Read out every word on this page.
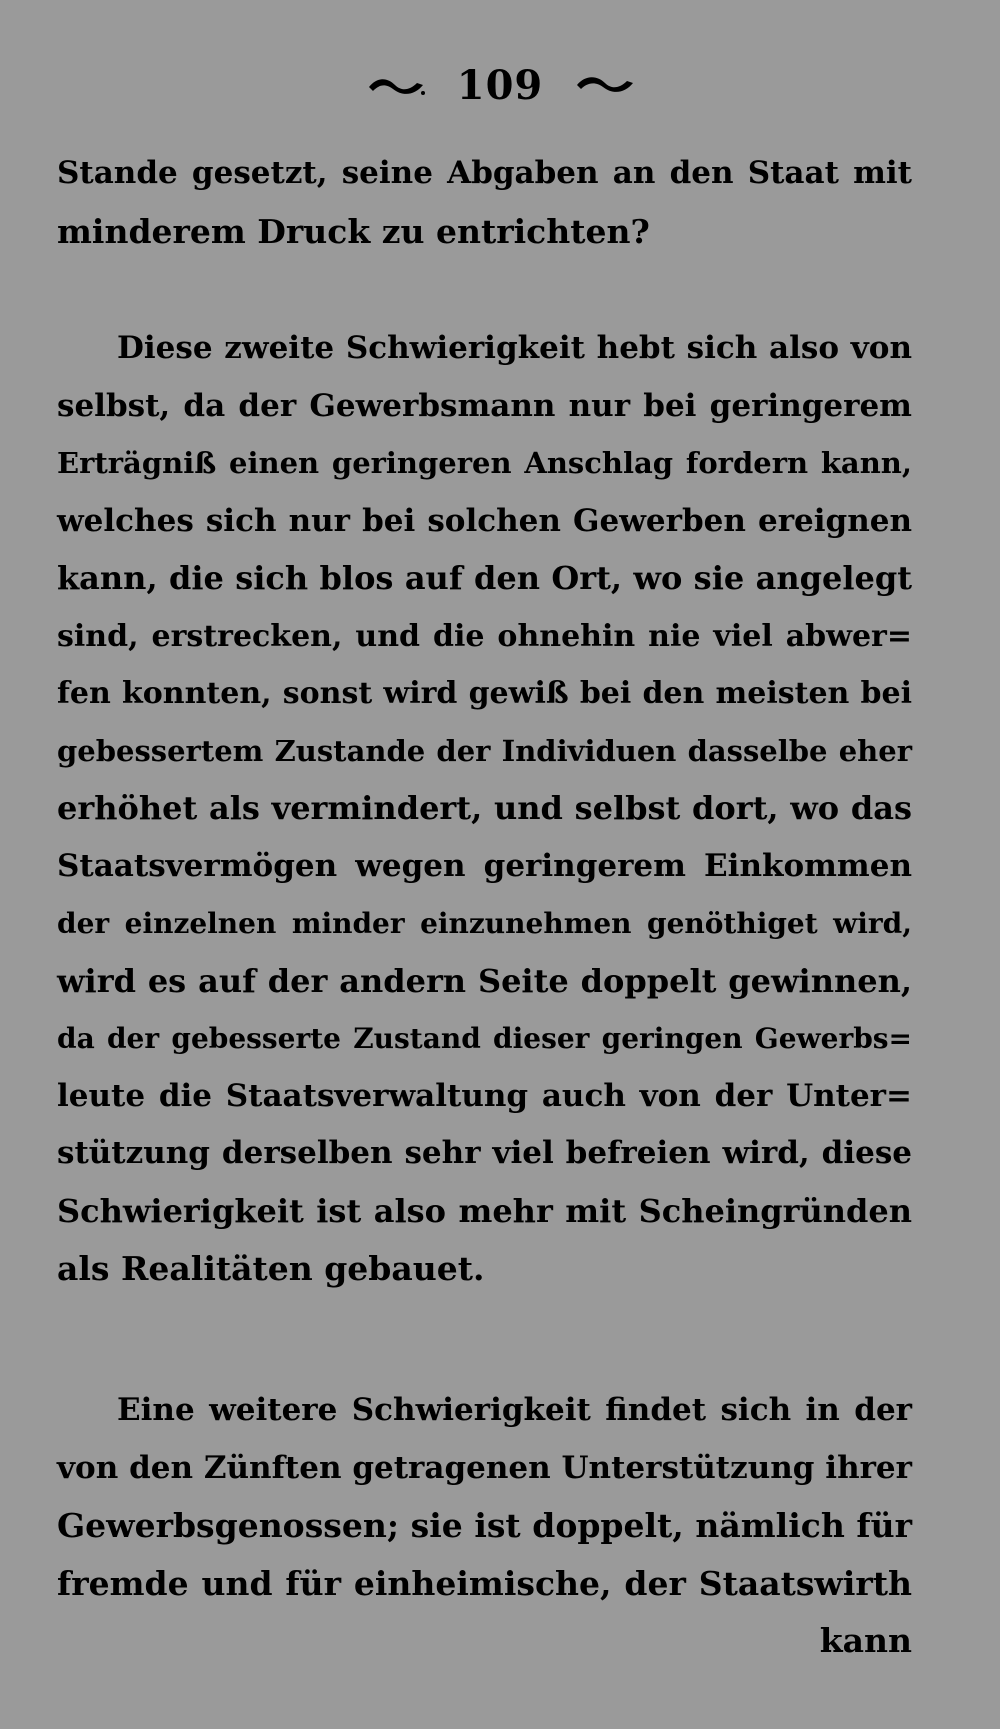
109
Stande gesetzt, seine Abgaben an den Staat mit
minderem Druck zu entrichten?
Diese zweite Schwierigkeit hebt sich also von
selbst, da der Gewerbsmann nur bei geringerem
Erträgniß einen geringeren Anschlag fordern kann,
welches sich nur bei solchen Gewerben ereignen
kann, die sich blos auf den Ort, wo sie angelegt
sind, erstrecken, und die ohnehin nie viel abwer=
fen konnten, sonst wird gewiß bei den meisten bei
gebessertem Zustande der Individuen dasselbe eher
erhöhet als vermindert, und selbst dort, wo das
Staatsvermögen wegen geringerem Einkommen
der einzelnen minder einzunehmen genöthiget wird,
wird es auf der andern Seite doppelt gewinnen,
da der gebesserte Zustand dieser geringen Gewerbs=
leute die Staatsverwaltung auch von der Unter=
stützung derselben sehr viel befreien wird, diese
Schwierigkeit ist also mehr mit Scheingründen
als Realitäten gebauet.
Eine weitere Schwierigkeit findet sich in der
von den Zünften getragenen Unterstützung ihrer
Gewerbsgenossen; sie ist doppelt, nämlich für
fremde und für einheimische, der Staatswirth
kann
